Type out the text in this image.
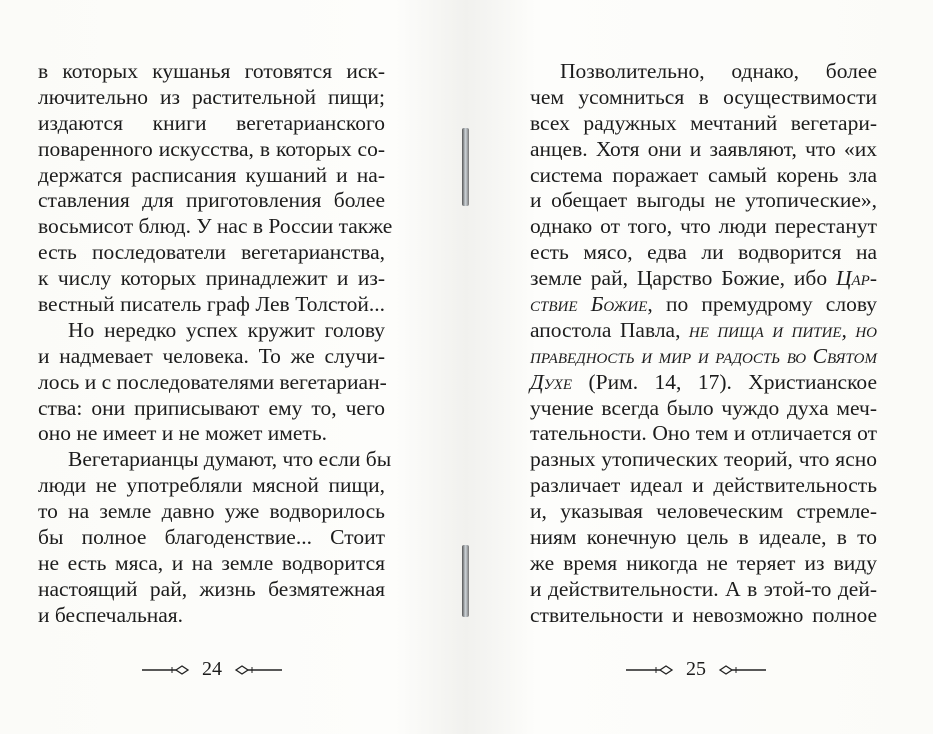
в которых кушанья готовятся иск-
лючительно из растительной пищи;
издаются книги вегетарианского
поваренного искусства, в которых со-
держатся расписания кушаний и на-
ставления для приготовления более
восьмисот блюд. У нас в России также
есть последователи вегетарианства,
к числу которых принадлежит и из-
вестный писатель граф Лев Толстой...
Но нередко успех кружит голову
и надмевает человека. То же случи-
лось и с последователями вегетариан-
ства: они приписывают ему то, чего
оно не имеет и не может иметь.
Вегетарианцы думают, что если бы
люди не употребляли мясной пищи,
то на земле давно уже водворилось
бы полное благоденствие... Стоит
не есть мяса, и на земле водворится
настоящий рай, жизнь безмятежная
и беспечальная.
24
Позволительно, однако, более
чем усомниться в осуществимости
всех радужных мечтаний вегетари-
анцев. Хотя они и заявляют, что «их
система поражает самый корень зла
и обещает выгоды не утопические»,
однако от того, что люди перестанут
есть мясо, едва ли водворится на
земле рай, Царство Божие, ибо Цар-
ствие Божие, по премудрому слову
апостола Павла, не пища и питие, но
праведность и мир и радость во Святом
Духе (Рим. 14, 17). Христианское
учение всегда было чуждо духа меч-
тательности. Оно тем и отличается от
разных утопических теорий, что ясно
различает идеал и действительность
и, указывая человеческим стремле-
ниям конечную цель в идеале, в то
же время никогда не теряет из виду
и действительности. А в этой-то дей-
ствительности и невозможно полное
25
